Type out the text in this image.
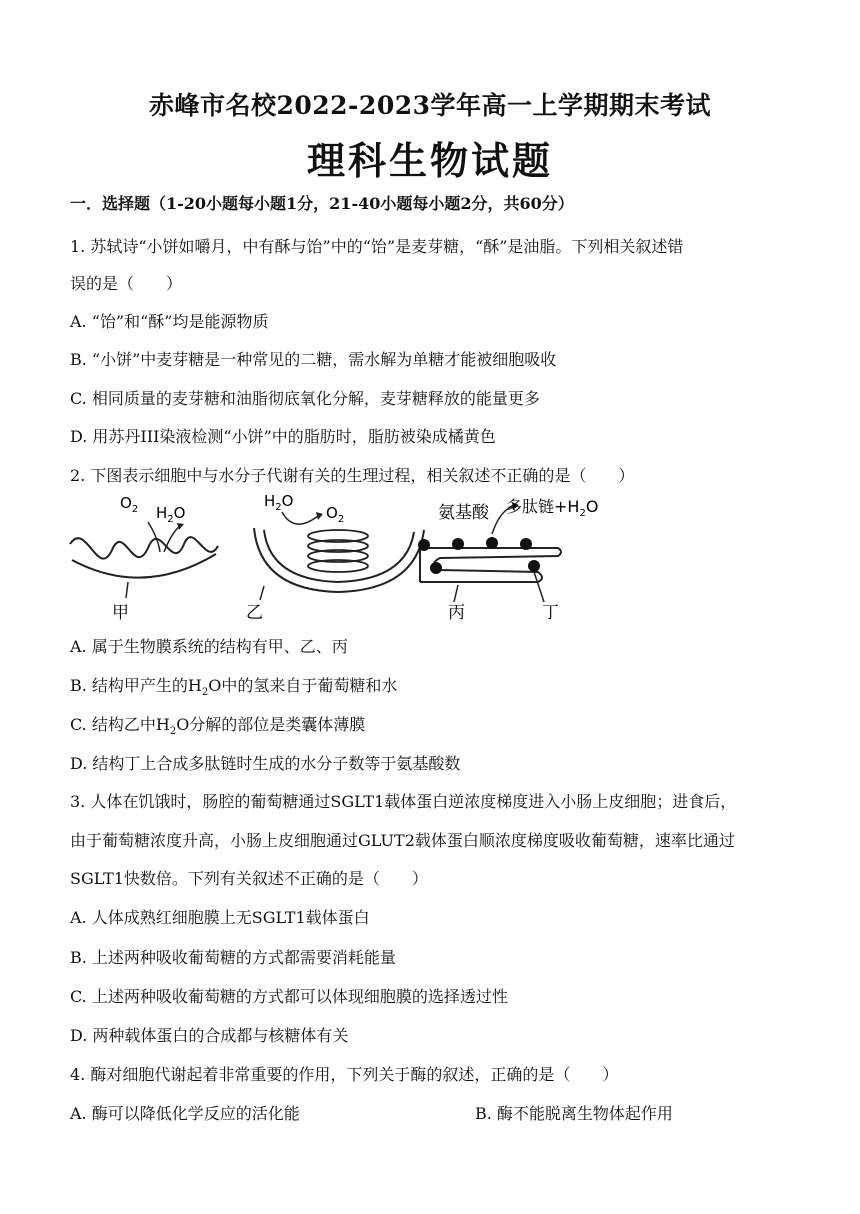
赤峰市名校2022-2023学年高一上学期期末考试
理科生物试题
一．选择题（1-20小题每小题1分，21-40小题每小题2分，共60分）
1. 苏轼诗“小饼如嚼月，中有酥与饴”中的“饴”是麦芽糖，“酥”是油脂。下列相关叙述错
误的是（　　）
A. “饴”和“酥”均是能源物质
B. “小饼”中麦芽糖是一种常见的二糖，需水解为单糖才能被细胞吸收
C. 相同质量的麦芽糖和油脂彻底氧化分解，麦芽糖释放的能量更多
D. 用苏丹III染液检测“小饼”中的脂肪时，脂肪被染成橘黄色
2. 下图表示细胞中与水分子代谢有关的生理过程，相关叙述不正确的是（　　）
$O_2$ $H_2O$
甲
$H_2O$
$O_2$
乙
氨基酸 多肽链$+H_2O$
丙	丁
A. 属于生物膜系统的结构有甲、乙、丙
B. 结构甲产生的$H_2O$中的氢来自于葡萄糖和水
C. 结构乙中$H_2O$分解的部位是类囊体薄膜
D. 结构丁上合成多肽链时生成的水分子数等于氨基酸数
3. 人体在饥饿时，肠腔的葡萄糖通过SGLT1载体蛋白逆浓度梯度进入小肠上皮细胞；进食后，
由于葡萄糖浓度升高，小肠上皮细胞通过GLUT2载体蛋白顺浓度梯度吸收葡萄糖，速率比通过
SGLT1快数倍。下列有关叙述不正确的是（　　）
A. 人体成熟红细胞膜上无SGLT1载体蛋白
B. 上述两种吸收葡萄糖的方式都需要消耗能量
C. 上述两种吸收葡萄糖的方式都可以体现细胞膜的选择透过性
D. 两种载体蛋白的合成都与核糖体有关
4. 酶对细胞代谢起着非常重要的作用，下列关于酶的叙述，正确的是（　　）
A. 酶可以降低化学反应的活化能	B. 酶不能脱离生物体起作用
